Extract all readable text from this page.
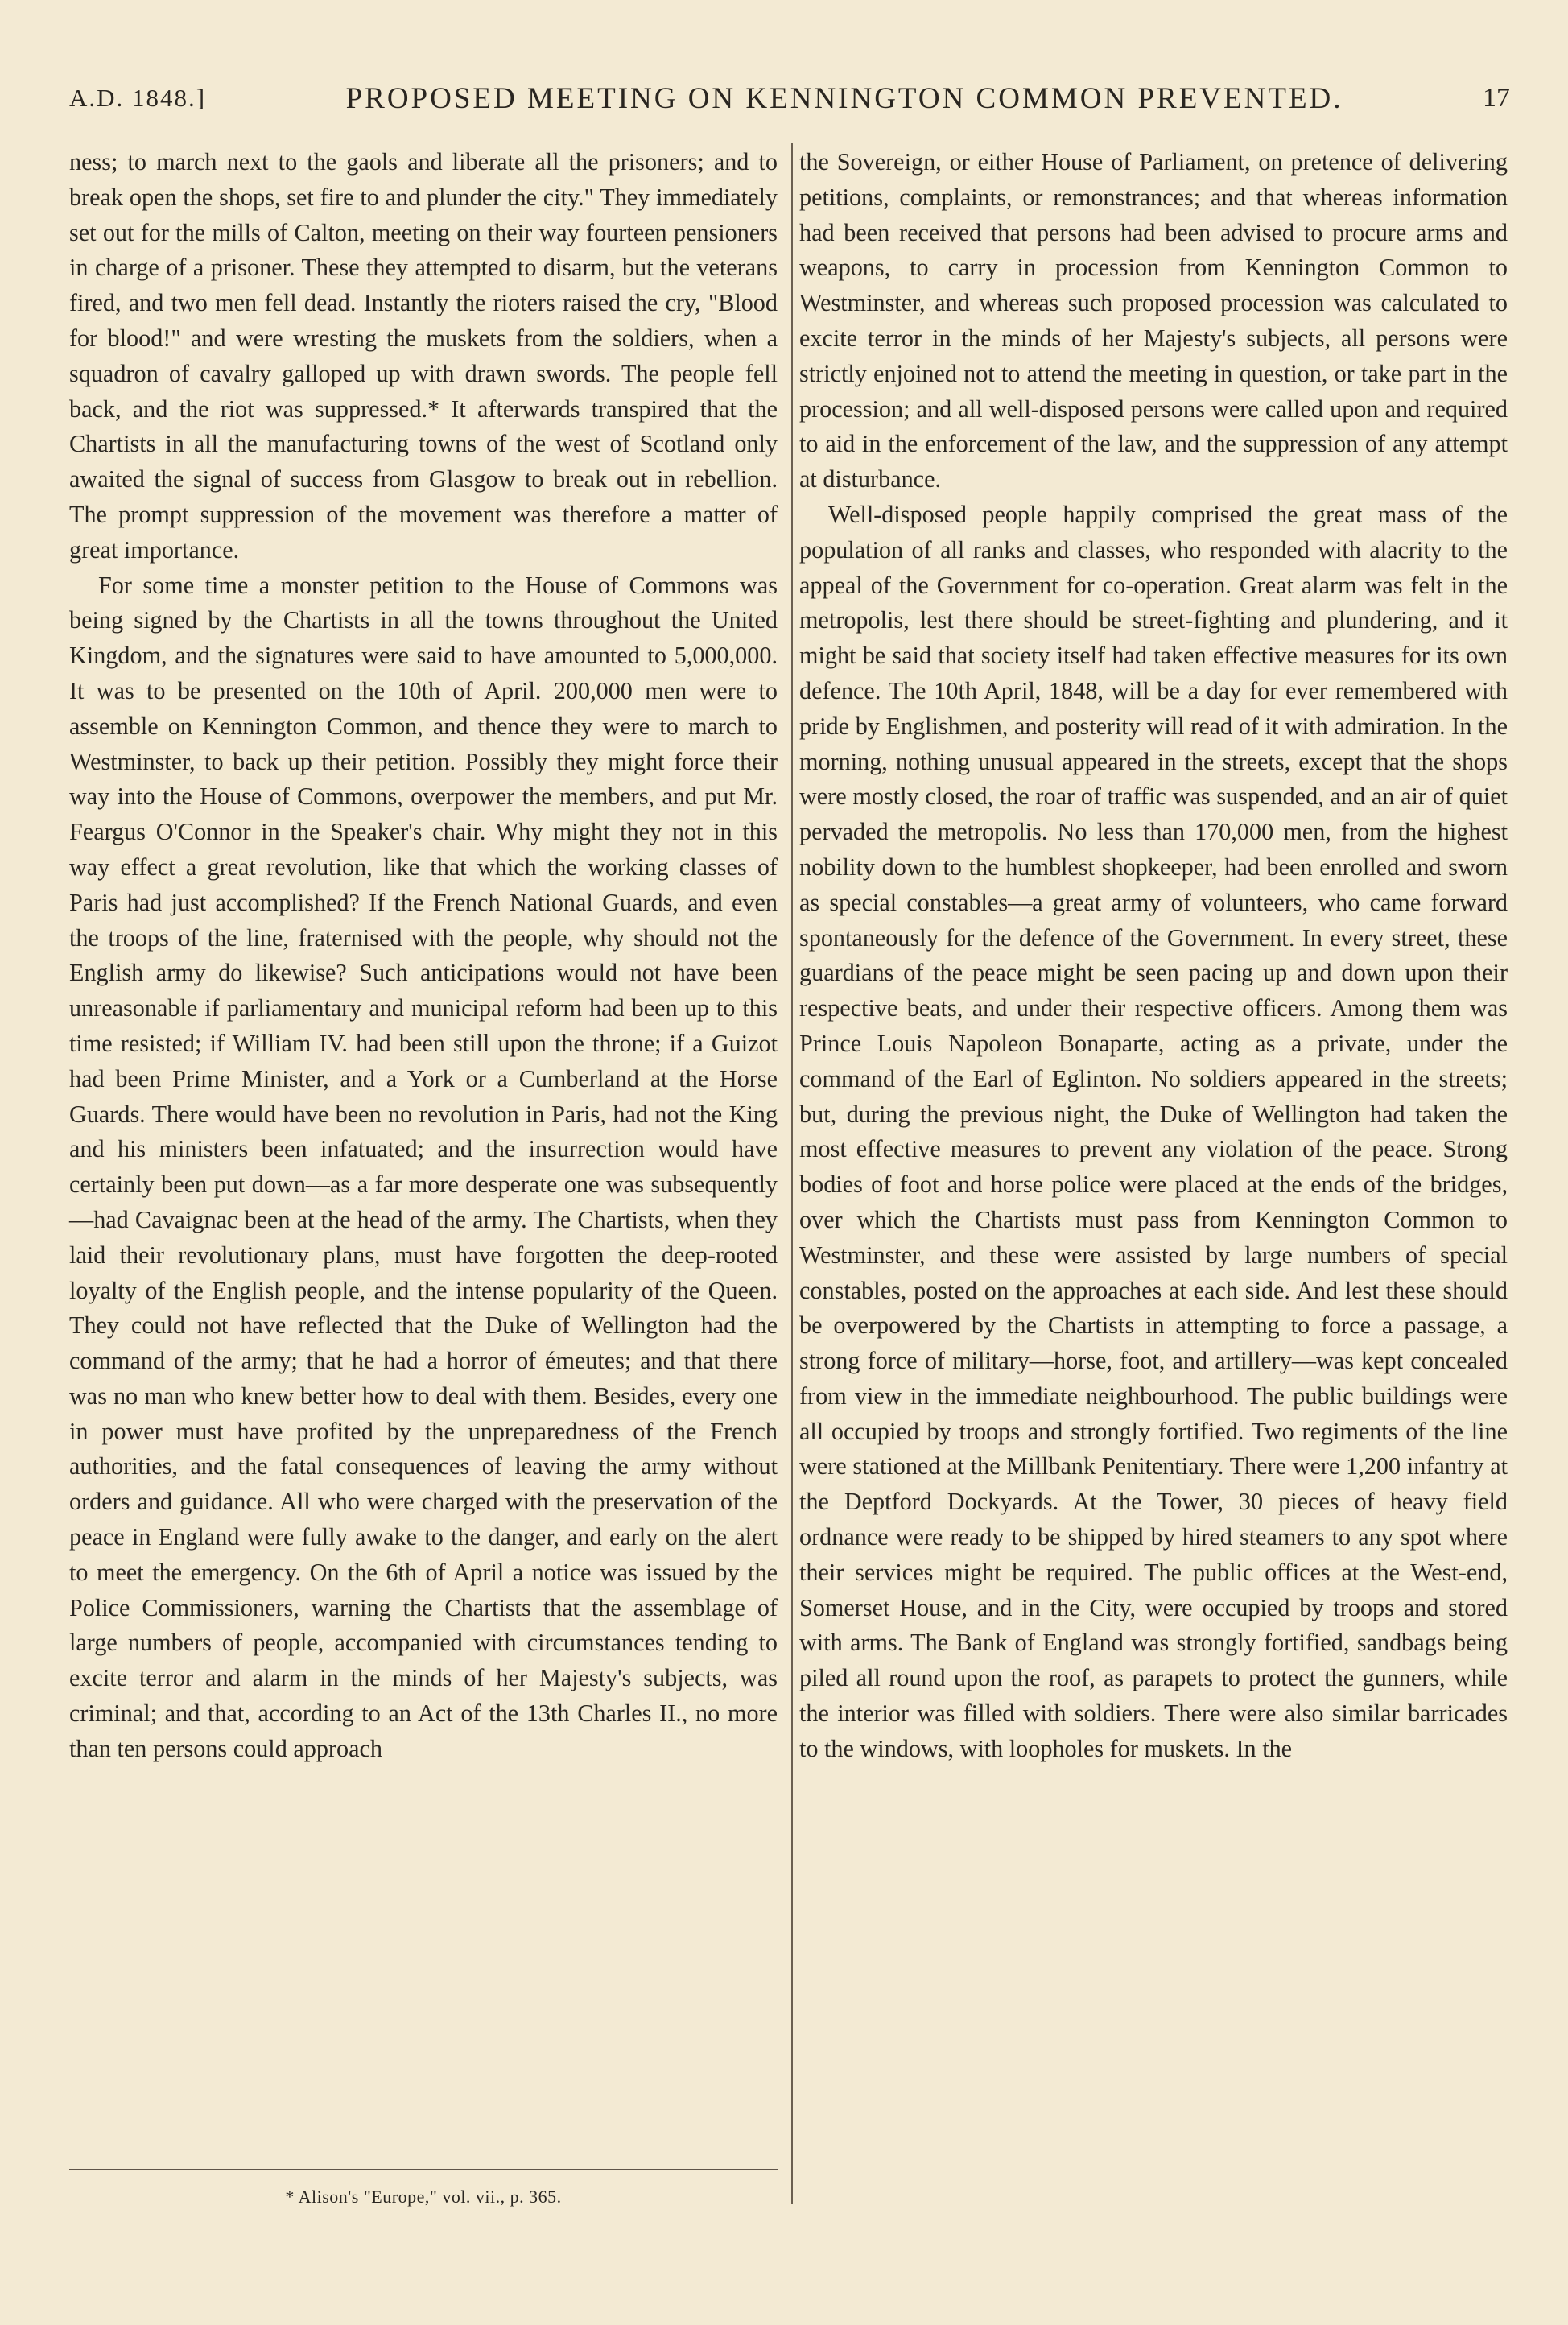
A.D. 1848.]	PROPOSED MEETING ON KENNINGTON COMMON PREVENTED.	17

ness; to march next to the gaols and liberate all the prisoners; and to break open the shops, set fire to and plunder the city." They immediately set out for the mills of Calton, meeting on their way fourteen pensioners in charge of a prisoner. These they attempted to disarm, but the veterans fired, and two men fell dead. Instantly the rioters raised the cry, "Blood for blood!" and were wresting the muskets from the soldiers, when a squadron of cavalry galloped up with drawn swords. The people fell back, and the riot was suppressed.* It afterwards transpired that the Chartists in all the manufacturing towns of the west of Scotland only awaited the signal of success from Glasgow to break out in rebellion. The prompt suppression of the movement was therefore a matter of great importance.

For some time a monster petition to the House of Commons was being signed by the Chartists in all the towns throughout the United Kingdom, and the signatures were said to have amounted to 5,000,000. It was to be presented on the 10th of April. 200,000 men were to assemble on Kennington Common, and thence they were to march to Westminster, to back up their petition. Possibly they might force their way into the House of Commons, overpower the members, and put Mr. Feargus O'Connor in the Speaker's chair. Why might they not in this way effect a great revolution, like that which the working classes of Paris had just accomplished? If the French National Guards, and even the troops of the line, fraternised with the people, why should not the English army do likewise? Such anticipations would not have been unreasonable if parliamentary and municipal reform had been up to this time resisted; if William IV. had been still upon the throne; if a Guizot had been Prime Minister, and a York or a Cumberland at the Horse Guards. There would have been no revolution in Paris, had not the King and his ministers been infatuated; and the insurrection would have certainly been put down—as a far more desperate one was subsequently—had Cavaignac been at the head of the army. The Chartists, when they laid their revolutionary plans, must have forgotten the deep-rooted loyalty of the English people, and the intense popularity of the Queen. They could not have reflected that the Duke of Wellington had the command of the army; that he had a horror of émeutes; and that there was no man who knew better how to deal with them. Besides, every one in power must have profited by the unpreparedness of the French authorities, and the fatal consequences of leaving the army without orders and guidance. All who were charged with the preservation of the peace in England were fully awake to the danger, and early on the alert to meet the emergency. On the 6th of April a notice was issued by the Police Commissioners, warning the Chartists that the assemblage of large numbers of people, accompanied with circumstances tending to excite terror and alarm in the minds of her Majesty's subjects, was criminal; and that, according to an Act of the 13th Charles II., no more than ten persons could approach

the Sovereign, or either House of Parliament, on pretence of delivering petitions, complaints, or remonstrances; and that whereas information had been received that persons had been advised to procure arms and weapons, to carry in procession from Kennington Common to Westminster, and whereas such proposed procession was calculated to excite terror in the minds of her Majesty's subjects, all persons were strictly enjoined not to attend the meeting in question, or take part in the procession; and all well-disposed persons were called upon and required to aid in the enforcement of the law, and the suppression of any attempt at disturbance.

Well-disposed people happily comprised the great mass of the population of all ranks and classes, who responded with alacrity to the appeal of the Government for co-operation. Great alarm was felt in the metropolis, lest there should be street-fighting and plundering, and it might be said that society itself had taken effective measures for its own defence. The 10th April, 1848, will be a day for ever remembered with pride by Englishmen, and posterity will read of it with admiration. In the morning, nothing unusual appeared in the streets, except that the shops were mostly closed, the roar of traffic was suspended, and an air of quiet pervaded the metropolis. No less than 170,000 men, from the highest nobility down to the humblest shopkeeper, had been enrolled and sworn as special constables—a great army of volunteers, who came forward spontaneously for the defence of the Government. In every street, these guardians of the peace might be seen pacing up and down upon their respective beats, and under their respective officers. Among them was Prince Louis Napoleon Bonaparte, acting as a private, under the command of the Earl of Eglinton. No soldiers appeared in the streets; but, during the previous night, the Duke of Wellington had taken the most effective measures to prevent any violation of the peace. Strong bodies of foot and horse police were placed at the ends of the bridges, over which the Chartists must pass from Kennington Common to Westminster, and these were assisted by large numbers of special constables, posted on the approaches at each side. And lest these should be overpowered by the Chartists in attempting to force a passage, a strong force of military—horse, foot, and artillery—was kept concealed from view in the immediate neighbourhood. The public buildings were all occupied by troops and strongly fortified. Two regiments of the line were stationed at the Millbank Penitentiary. There were 1,200 infantry at the Deptford Dockyards. At the Tower, 30 pieces of heavy field ordnance were ready to be shipped by hired steamers to any spot where their services might be required. The public offices at the West-end, Somerset House, and in the City, were occupied by troops and stored with arms. The Bank of England was strongly fortified, sandbags being piled all round upon the roof, as parapets to protect the gunners, while the interior was filled with soldiers. There were also similar barricades to the windows, with loopholes for muskets. In the

* Alison's "Europe," vol. vii., p. 365.
